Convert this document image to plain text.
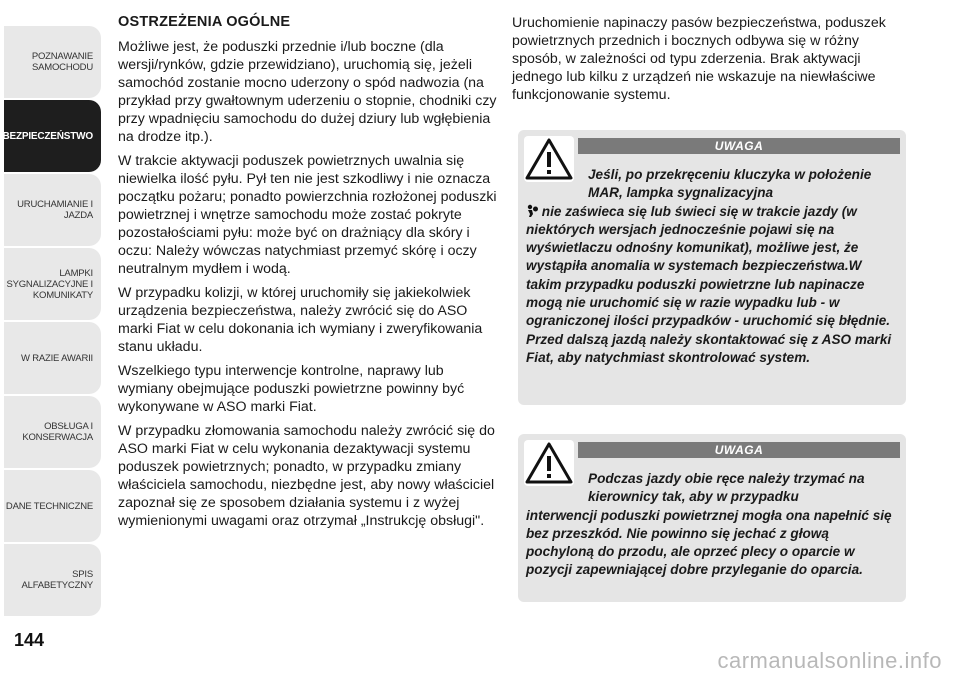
POZNAWANIE
SAMOCHODU
BEZPIECZEŃSTWO
URUCHAMIANIE I
JAZDA
LAMPKI
SYGNALIZACYJNE I
KOMUNIKATY
W RAZIE AWARII
OBSŁUGA I
KONSERWACJA
DANE TECHNICZNE
SPIS ALFABETYCZNY
144
OSTRZEŻENIA OGÓLNE

Możliwe jest, że poduszki przednie i/lub boczne (dla wersji/rynków, gdzie przewidziano), uruchomią się, jeżeli samochód zostanie mocno uderzony o spód nadwozia (na przykład przy gwałtownym uderzeniu o stopnie, chodniki czy przy wpadnięciu samochodu do dużej dziury lub wgłębienia na drodze itp.).

W trakcie aktywacji poduszek powietrznych uwalnia się niewielka ilość pyłu. Pył ten nie jest szkodliwy i nie oznacza początku pożaru; ponadto powierzchnia rozłożonej poduszki powietrznej i wnętrze samochodu może zostać pokryte pozostałościami pyłu: może być on drażniący dla skóry i oczu: Należy wówczas natychmiast przemyć skórę i oczy neutralnym mydłem i wodą.

W przypadku kolizji, w której uruchomiły się jakiekolwiek urządzenia bezpieczeństwa, należy zwrócić się do ASO marki Fiat w celu dokonania ich wymiany i zweryfikowania stanu układu.

Wszelkiego typu interwencje kontrolne, naprawy lub wymiany obejmujące poduszki powietrzne powinny być wykonywane w ASO marki Fiat.

W przypadku złomowania samochodu należy zwrócić się do ASO marki Fiat w celu wykonania dezaktywacji systemu poduszek powietrznych; ponadto, w przypadku zmiany właściciela samochodu, niezbędne jest, aby nowy właściciel zapoznał się ze sposobem działania systemu i z wyżej wymienionymi uwagami oraz otrzymał „Instrukcję obsługi".

Uruchomienie napinaczy pasów bezpieczeństwa, poduszek powietrznych przednich i bocznych odbywa się w różny sposób, w zależności od typu zderzenia. Brak aktywacji jednego lub kilku z urządzeń nie wskazuje na niewłaściwe funkcjonowanie systemu.

UWAGA
Jeśli, po przekręceniu kluczyka w położenie MAR, lampka sygnalizacyjna
nie zaświeca się lub świeci się w trakcie jazdy (w niektórych wersjach jednocześnie pojawi się na wyświetlaczu odnośny komunikat), możliwe jest, że wystąpiła anomalia w systemach bezpieczeństwa.W takim przypadku poduszki powietrzne lub napinacze mogą nie uruchomić się w razie wypadku lub - w ograniczonej ilości przypadków - uruchomić się błędnie. Przed dalszą jazdą należy skontaktować się z ASO marki Fiat, aby natychmiast skontrolować system.
UWAGA
Podczas jazdy obie ręce należy trzymać na kierownicy tak, aby w przypadku
interwencji poduszki powietrznej mogła ona napełnić się bez przeszkód. Nie powinno się jechać z głową pochyloną do przodu, ale oprzeć plecy o oparcie w pozycji zapewniającej dobre przyleganie do oparcia.
carmanualsonline.info
